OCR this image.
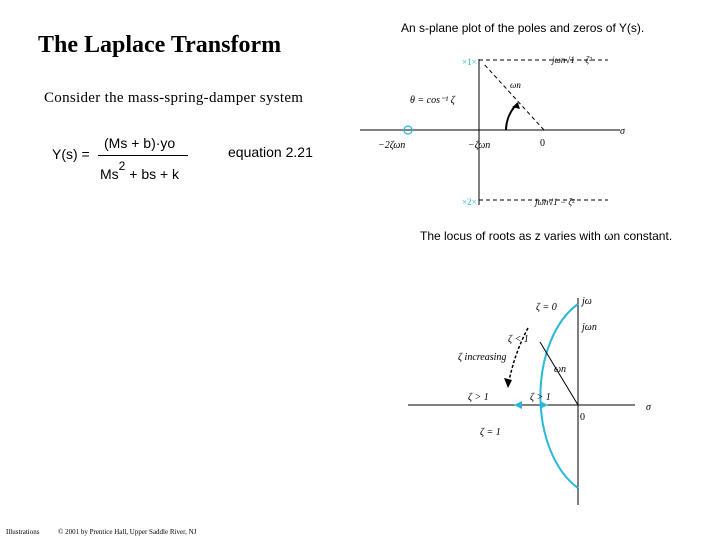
The Laplace Transform
Consider the mass-spring-damper system
Y(s) =
(Ms + b)·yo
Ms2 + bs + k
equation 2.21
An s-plane plot of the poles and zeros of Y(s).
×1×
×2×
jωn√1 − ζ²
ωn
θ = cos⁻¹ ζ
σ
−2ζωn	−ζωn	0
jωn√1 − ζ²
The locus of roots as z varies with ωn constant.
ζ = 0
jω
jωn
ζ < 1
ζ increasing
ωn
ζ > 1	ζ > 1
σ
0
ζ = 1
Illustrations	© 2001 by Prentice Hall, Upper Saddle River, NJ
